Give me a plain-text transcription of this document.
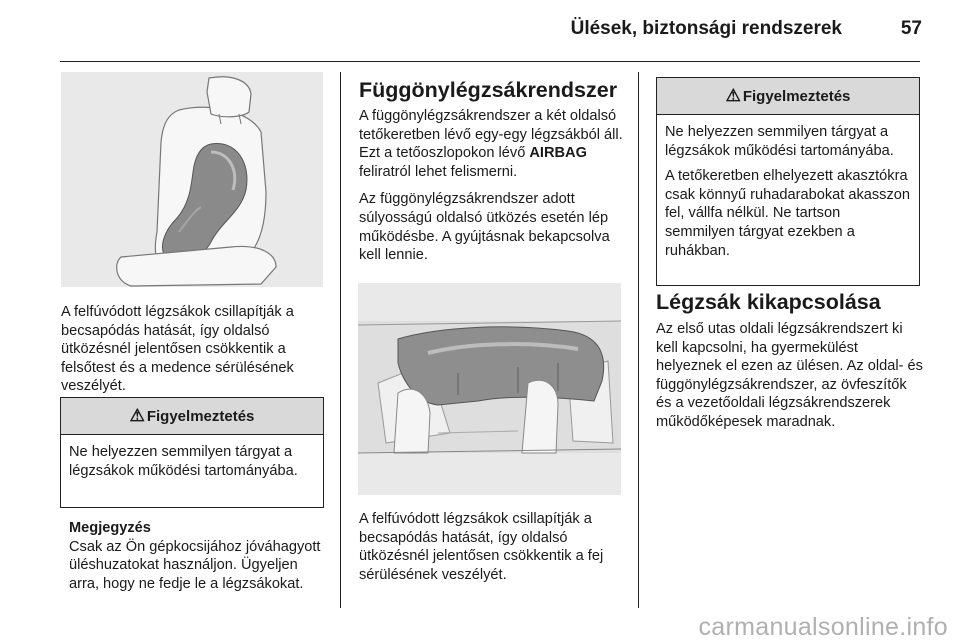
Ülések, biztonsági rendszerek	57
A felfúvódott légzsákok csillapítják a becsapódás hatását, így oldalsó ütközésnél jelentősen csökkentik a felsőtest és a medence sérülésének veszélyét.
⚠ Figyelmeztetés

Ne helyezzen semmilyen tárgyat a légzsákok működési tartományába.

Megjegyzés

Csak az Ön gépkocsijához jóváhagyott üléshuzatokat használjon. Ügyeljen arra, hogy ne fedje le a légzsákokat.

Függönylégzsákrendszer

A függönylégzsákrendszer a két oldalsó tetőkeretben lévő egy-egy légzsákból áll. Ezt a tetőoszlopokon lévő AIRBAG feliratról lehet felismerni.

Az függönylégzsákrendszer adott súlyosságú oldalsó ütközés esetén lép működésbe. A gyújtásnak bekapcsolva kell lennie.

A felfúvódott légzsákok csillapítják a becsapódás hatását, így oldalsó ütközésnél jelentősen csökkentik a fej sérülésének veszélyét.
⚠ Figyelmeztetés

Ne helyezzen semmilyen tárgyat a légzsákok működési tartományába.

A tetőkeretben elhelyezett akasztókra csak könnyű ruhadarabokat akasszon fel, vállfa nélkül. Ne tartson semmilyen tárgyat ezekben a ruhákban.

Légzsák kikapcsolása
Az első utas oldali légzsákrendszert ki kell kapcsolni, ha gyermekülést helyeznek el ezen az ülésen. Az oldal- és függönylégzsákrendszer, az övfeszítők és a vezetőoldali légzsákrendszerek működőképesek maradnak.
carmanualsonline.info
